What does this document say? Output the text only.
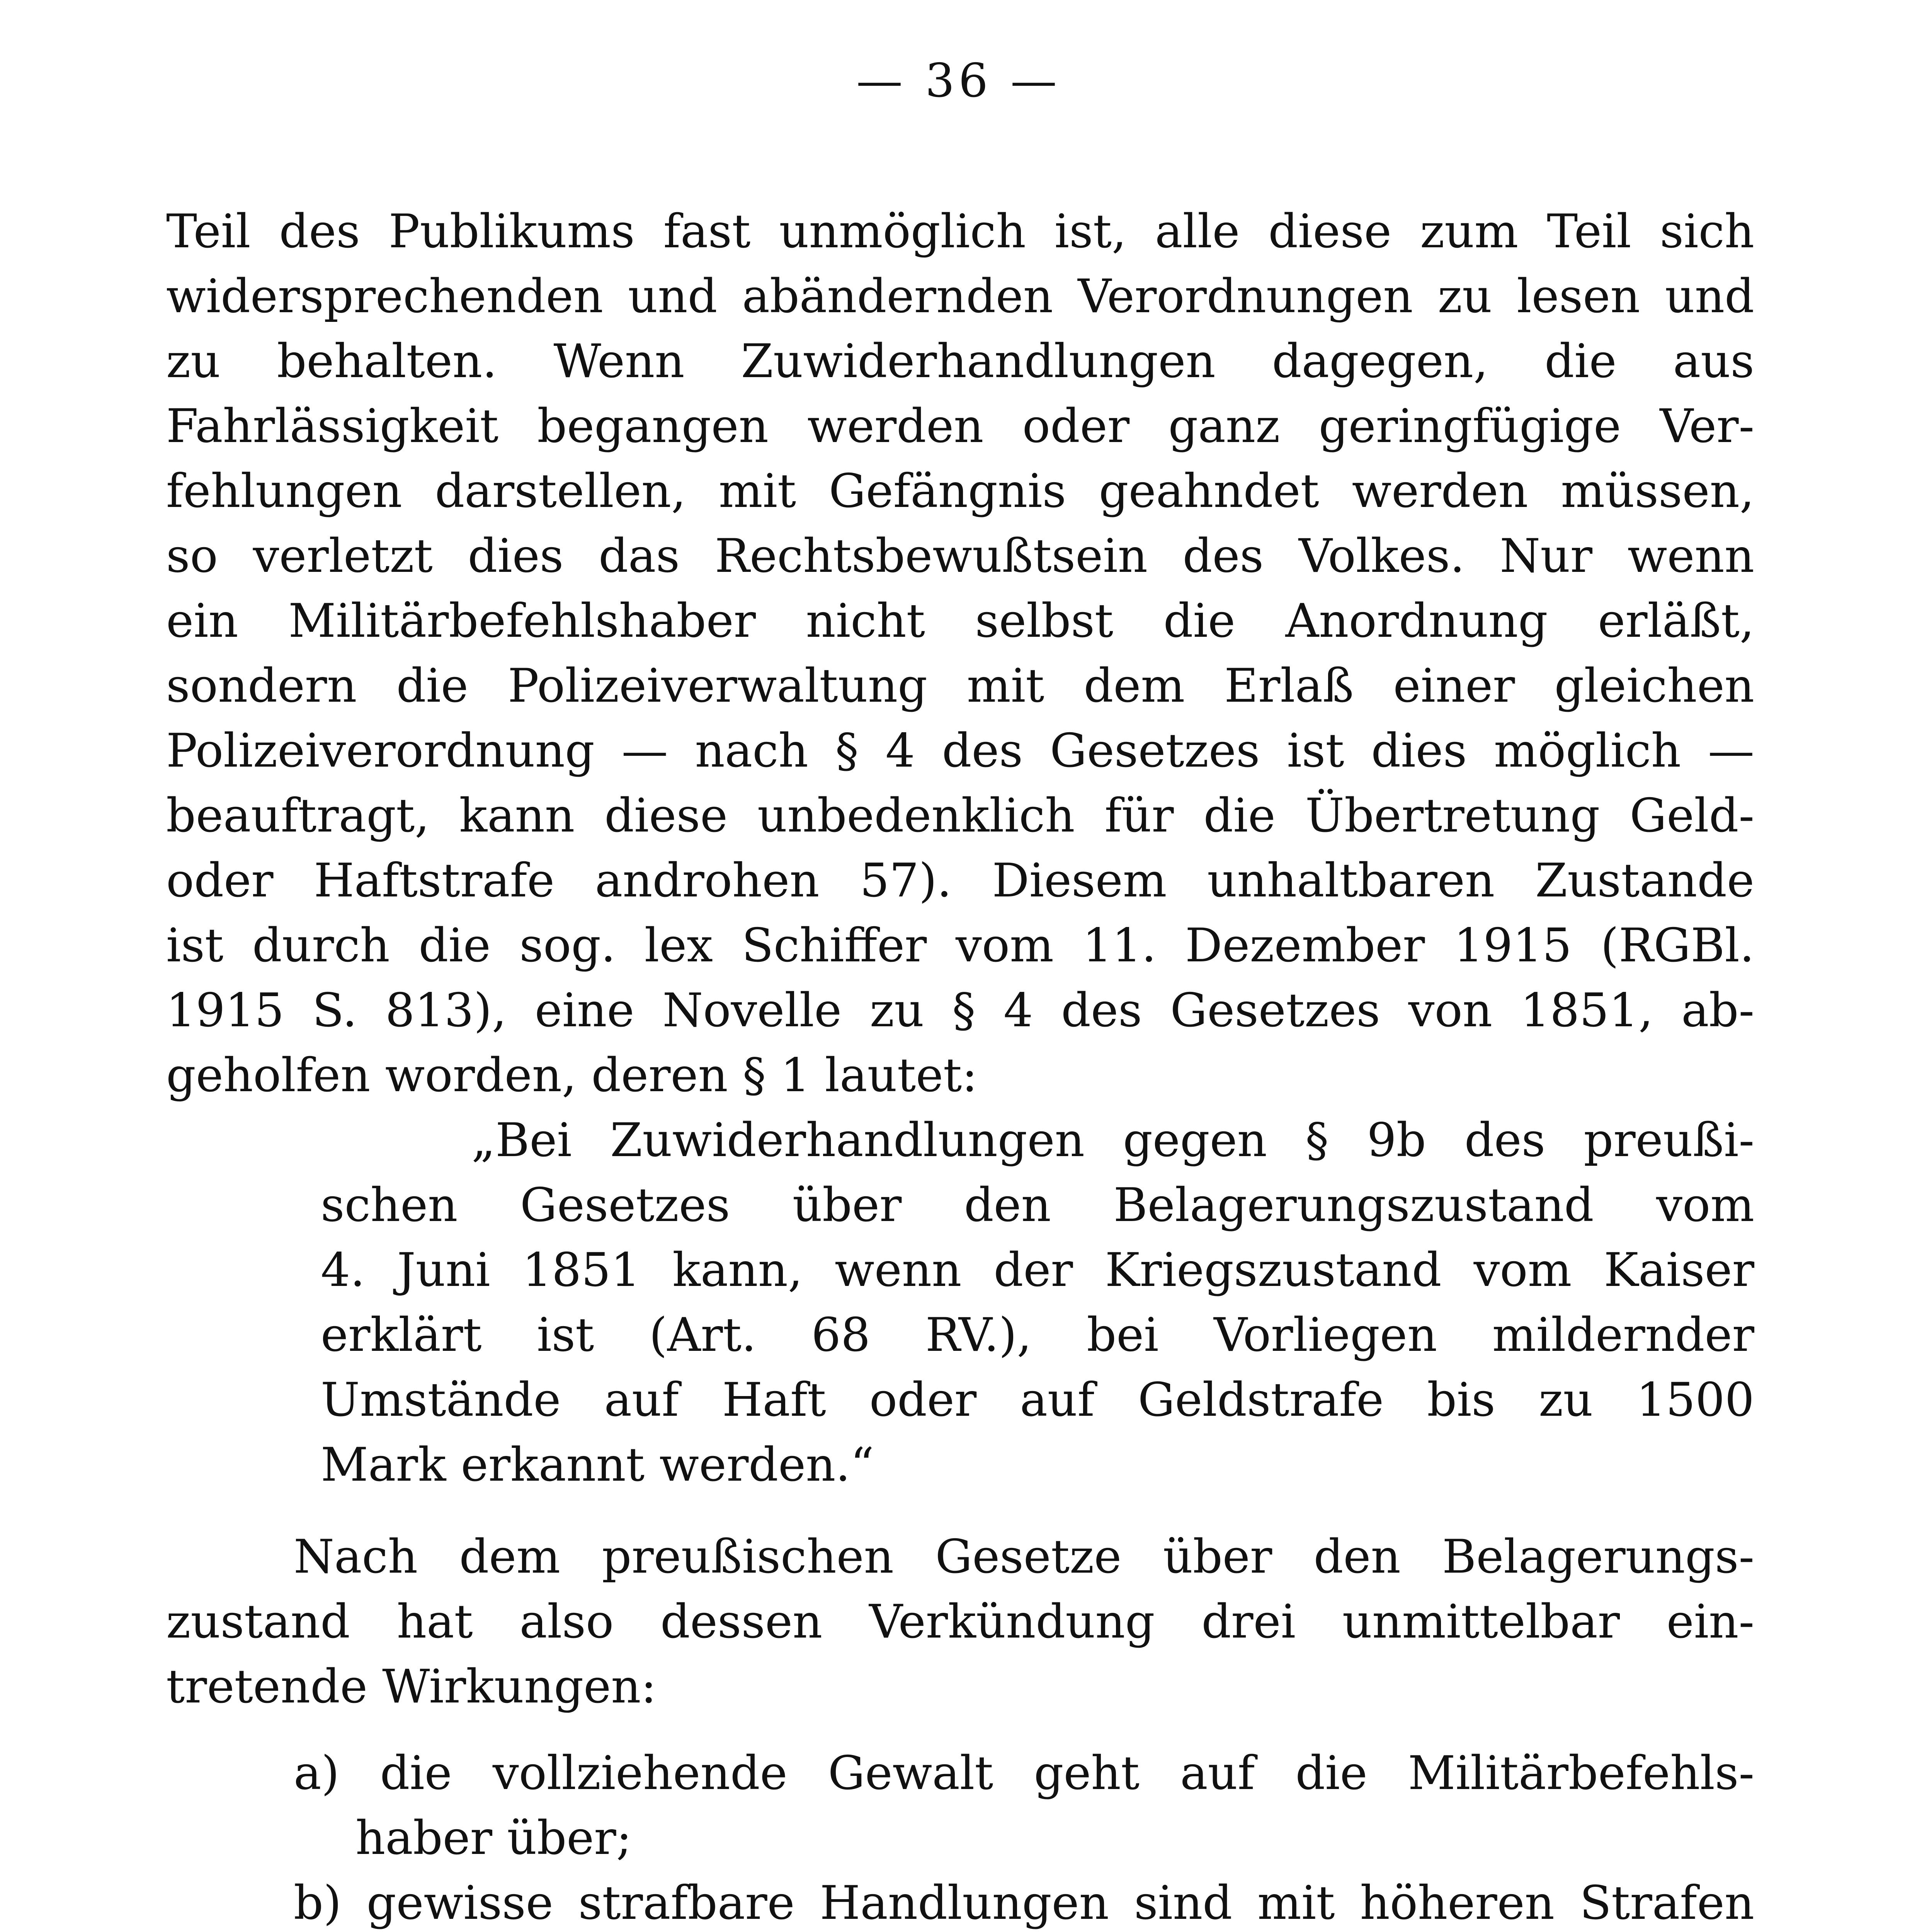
— 36 —
Teil des Publikums fast unmöglich ist, alle diese zum Teil sich
widersprechenden und abändernden Verordnungen zu lesen und
zu behalten. Wenn Zuwiderhandlungen dagegen, die aus
Fahrlässigkeit begangen werden oder ganz geringfügige Ver-
fehlungen darstellen, mit Gefängnis geahndet werden müssen,
so verletzt dies das Rechtsbewußtsein des Volkes. Nur wenn
ein Militärbefehlshaber nicht selbst die Anordnung erläßt,
sondern die Polizeiverwaltung mit dem Erlaß einer gleichen
Polizeiverordnung — nach § 4 des Gesetzes ist dies möglich —
beauftragt, kann diese unbedenklich für die Übertretung Geld-
oder Haftstrafe androhen 57). Diesem unhaltbaren Zustande
ist durch die sog. lex Schiffer vom 11. Dezember 1915 (RGBl.
1915 S. 813), eine Novelle zu § 4 des Gesetzes von 1851, ab-
geholfen worden, deren § 1 lautet:
„Bei Zuwiderhandlungen gegen § 9b des preußi-
schen Gesetzes über den Belagerungszustand vom
4. Juni 1851 kann, wenn der Kriegszustand vom Kaiser
erklärt ist (Art. 68 RV.), bei Vorliegen mildernder
Umstände auf Haft oder auf Geldstrafe bis zu 1500
Mark erkannt werden.“
Nach dem preußischen Gesetze über den Belagerungs-
zustand hat also dessen Verkündung drei unmittelbar ein-
tretende Wirkungen:
a) die vollziehende Gewalt geht auf die Militärbefehls-
haber über;
b) gewisse strafbare Handlungen sind mit höheren Strafen
